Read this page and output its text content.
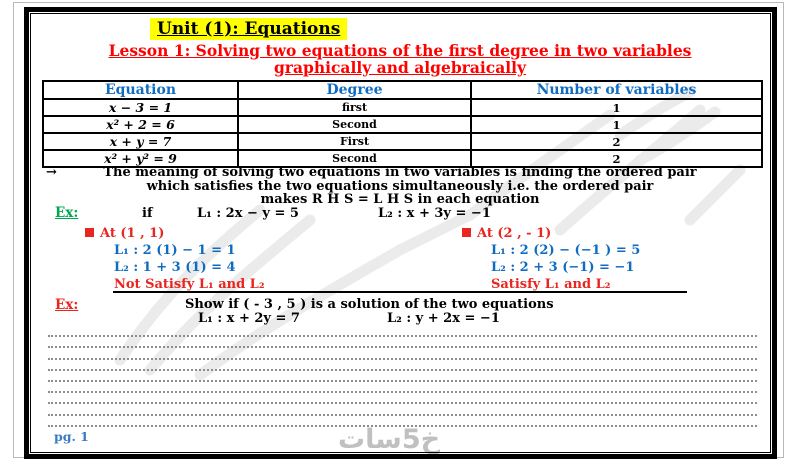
خ5سات
Unit (1): Equations
Lesson 1: Solving two equations of the first degree in two variables
graphically and algebraically
Equation	Degree	Number of variables
x − 3 = 1	first	1
x² + 2 = 6	Second	1
x + y = 7	First	2
x² + y² = 9	Second	2
→	The meaning of solving two equations in two variables is finding the ordered pair
which satisfies the two equations simultaneously i.e. the ordered pair
makes R H S = L H S in each equation
Ex:	if	L₁ : 2x − y = 5	L₂ : x + 3y = −1
At (1 , 1)
L₁ : 2 (1) − 1 = 1
L₂ : 1 + 3 (1) = 4
Not Satisfy L₁ and L₂
At (2 , - 1)
L₁ : 2 (2) − (−1 ) = 5
L₂ : 2 + 3 (−1) = −1
Satisfy L₁ and L₂
Ex:	Show if ( - 3 , 5 ) is a solution of the two equations
L₁ : x + 2y = 7	L₂ : y + 2x = −1
pg. 1
